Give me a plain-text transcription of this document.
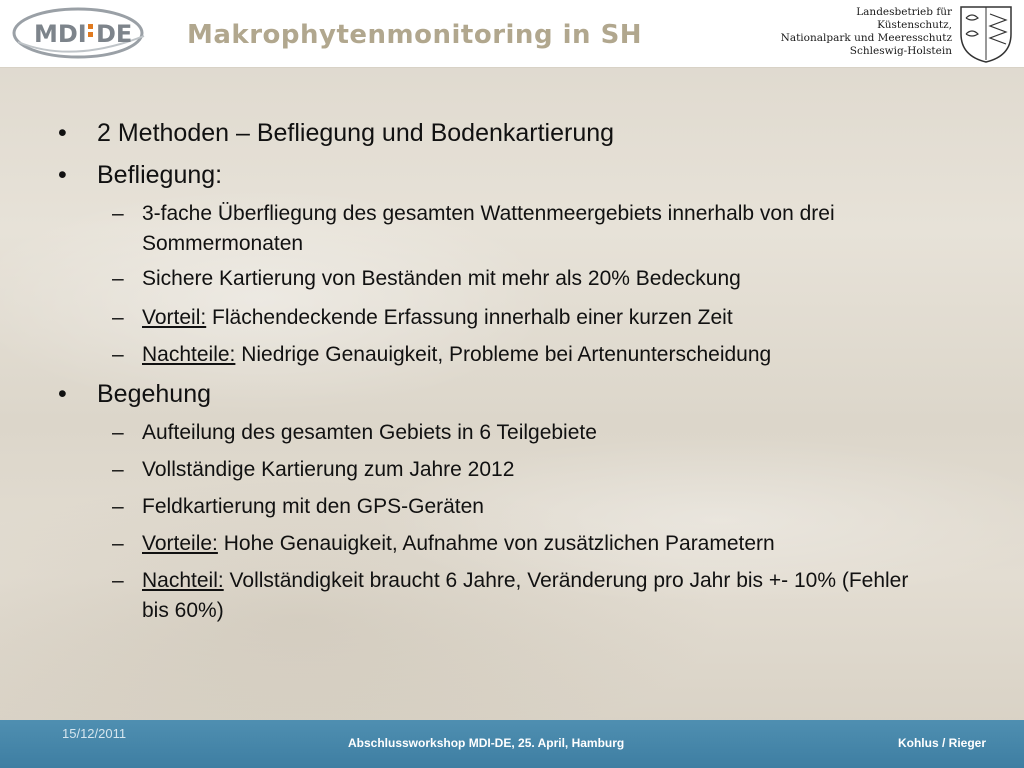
MDI DE Makrophytenmonitoring in SH
Landesbetrieb für
Küstenschutz,
Nationalpark und Meeresschutz
Schleswig-Holstein
• 2 Methoden – Befliegung und Bodenkartierung
• Befliegung:
– 3-fache Überfliegung des gesamten Wattenmeergebiets innerhalb von drei Sommermonaten
– Sichere Kartierung von Beständen mit mehr als 20% Bedeckung
– Vorteil: Flächendeckende Erfassung innerhalb einer kurzen Zeit
– Nachteile: Niedrige Genauigkeit, Probleme bei Artenunterscheidung
• Begehung
– Aufteilung des gesamten Gebiets in 6 Teilgebiete
– Vollständige Kartierung zum Jahre 2012
– Feldkartierung mit den GPS-Geräten
– Vorteile: Hohe Genauigkeit, Aufnahme von zusätzlichen Parametern
– Nachteil: Vollständigkeit braucht 6 Jahre, Veränderung pro Jahr bis +- 10% (Fehler bis 60%)
15/12/2011
Abschlussworkshop MDI-DE, 25. April, Hamburg	Kohlus / Rieger
